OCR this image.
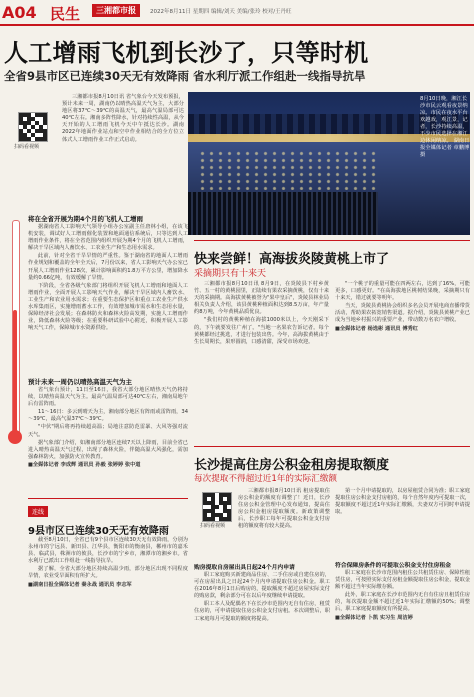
A04 民生	三湘都市报	2022年8月11日 星期四 编辑/刘天 美编/张玲 校对/王丹旺
人工增雨飞机到长沙了，只等时机
全省9县市区已连续30天无有效降雨 省水利厅派工作组赴一线指导抗旱
8月10日晚，湘江长沙市民云观看夜景纳凉。市民在夜水平台欢越戏，观江景，记者，长沙持续高温，不少市民选择在湘江边休闲纳凉。 湖南日报全媒体记者 章鹏博 摄
扫码看视频

三湘都市报8月10日讯 省气象台今天发布预报，预计未来一周，湖南仍以晴热高温天气为主，大部分地区将37℃～39℃的高温天气，最高气温局部可达40℃左右。湘南多阵性降水，针对持续性高温，从今天开始的人工增雨飞机今天中午抵达长沙。湖南2022年地面作业站点和空中作业相结合的全方位立体式人工增雨作业工作正式启动。

将在全省开展为期4个月的飞机人工增雨

据湖南省人工影响天气领导小组办公室副主任唐林小组，在该飞机安装，调试好人工增雨催化装置和地面通信系统后，只等达到人工增雨作业条件，将在全省范围内组织开展为期4个月的飞机人工增雨，解决干旱区域内人畜饮水、工农业生产和生态用水需求。

此前，针对全省干旱旱情的严重性。鉴于湖南省的地面人工增雨作业规划和覆盖的全年全天后，7月份以来，省人工影响天气办公室已开展人工增雨作业128次，累计影响面积约1.8万平方公里，增加降水量约0.66亿吨，有效缓解了旱情。

下阶段，全省各级气象部门将组织开展飞机人工增雨和地面人工增雨作业，全面开展人工影响天气作业，解决干旱区域内人畜饮水、工业生产和农业用水需求；在重要生态保护区和重点工农业生产供水水库集雨区，实施增雨蓄水工作，有效增加城市需水和生态用水量，保障经济社会发展；在森林防火和森林火险高发期，实施人工增雨作业，降低森林火险等级；在重要科研试验中心附近，积极开展人工影响天气工作，保障城市水资源供给。

预计未来一周仍以晴热高温天气为主

省气象台预计，11日至16日，我省大部分地区晴热天气仍将持续，以晴热高温天气为主。最高气温局部可达40℃左右，湘南局地午后有雷阵雨。

11～16日：多云到晴天为主，湘南部分地区有阵雨或雷阵雨，34～39℃，最高气温37℃～39℃。

"中伏"期后将再持续超高温；局地注意防范雷暴、大风等强对流天气。

据气象部门介绍，如湘南部分地区连续7天以上降雨，目前全省已进入晴热高温天气过程，出现了森林火险，伴随高温大风强化，需加强森林防火，加强防火宣传教育。

■全媒体记者 李成辉 通讯员 孙毅 张婷婷 张中道

连线
9县市区已连续30天无有效降雨

截至8月10日，全省已有9个县市区连续30天无有效降雨，分别为永州市的宁远县、新田县、江华县，衡阳市的衡南县，郴州市的嘉禾县、临武县，株洲市的攸县，长沙市的宁乡市，湘潭市的湘乡市。省水利厅已派出工作组赴一线指导抗旱。

据了解，全省大部分地区持续高温少雨，部分地区出现不同程度旱情，农业受旱面积有所扩大。

■湖南日报全媒体记者 秦永战 通讯员 李志军

快来尝鲜！高海拔炎陵黄桃上市了
采摘期只有十来天

三湘都市报8月10日讯 8月9日，在炎陵县下村乡黄竹、五一村的黄桃园里，正陆续有果农采摘黄桃，仅有十来天的采摘期。高海拔黄桃被誉为"果中皇后"，炎陵县林业局相关负责人介绍，该县黄桃种植面积达到8.5万亩，年产量约8万吨，今年黄桃品质优良。

"我们村的黄桃种植在海拔1000米以上，今天刚采下的，下午就要发往广州了。"当地一名果农告诉记者。每个黄桃都经过挑选，才进行包装出售。今年，高海拔黄桃由于生长周期长，果形圆润，口感清甜，深受市场欢迎。

"一个桃子的重量可能在四两左右，达到了16%，可能更多，口感更好。"在高海拔地区桃树结果晚，采摘期只有十来天，错过就要等明年。

当天，炎陵县黄桃协会组织多名会员开展电商直播带货活动，帮助果农拓宽销售渠道。据介绍，炎陵县黄桃产业已成为当地乡村振兴的重要产业，带动数万名农户增收。

■全媒体记者 杨选彬 通讯员 傅秀红

长沙提高住房公积金租房提取额度
每次提取不得超过近1年的实际汇缴额
扫码看视频

三湘都市报8月10日讯 租房提取住房公积金的额度有调整了！近日，长沙住房公积金管理中心发布通知，提高住房公积金租房提取额度。新政策调整后，长沙职工每年可提取公积金支付房租的额度将有较大提高。

购房提取自房屋出具日起24个月内申请

职工家庭购买新建商品住房、二手住房或自建住房的，可在房屋出具之日起24个月内申请提取住房公积金。职工在2016年8月1日后购房的，提取额度不超过房屋实际支付的购房款，剩余部分可在以后年度继续申请提取。

职工本人及配偶名下在长沙市范围内无自有住房，租赁住房的，可申请提取住房公积金支付房租。本次调整后，职工家庭每月可提取的额度将提高。

第一个月申请提取的，以房屋租赁合同为准；职工家庭提取住房公积金支付房租的，每个自然年度内可提取一次，提取额度不超过近1年实际汇缴额，夫妻双方可同时申请提取。

符合保障房条件的可提取公积金支付住房租金

职工家庭在长沙市范围内租住公共租赁住房、保障性租赁住房，可按照实际支付房租金额提取住房公积金，提取金额不超过当年实际缴存额。

此外，职工家庭在长沙市范围内无自有住房且租赁住房的，每次提取金额不超过近1年实际汇缴额的50%；调整后，职工家庭提取额度有所提高。

■全媒体记者 卜凯 实习生 周洁婷
